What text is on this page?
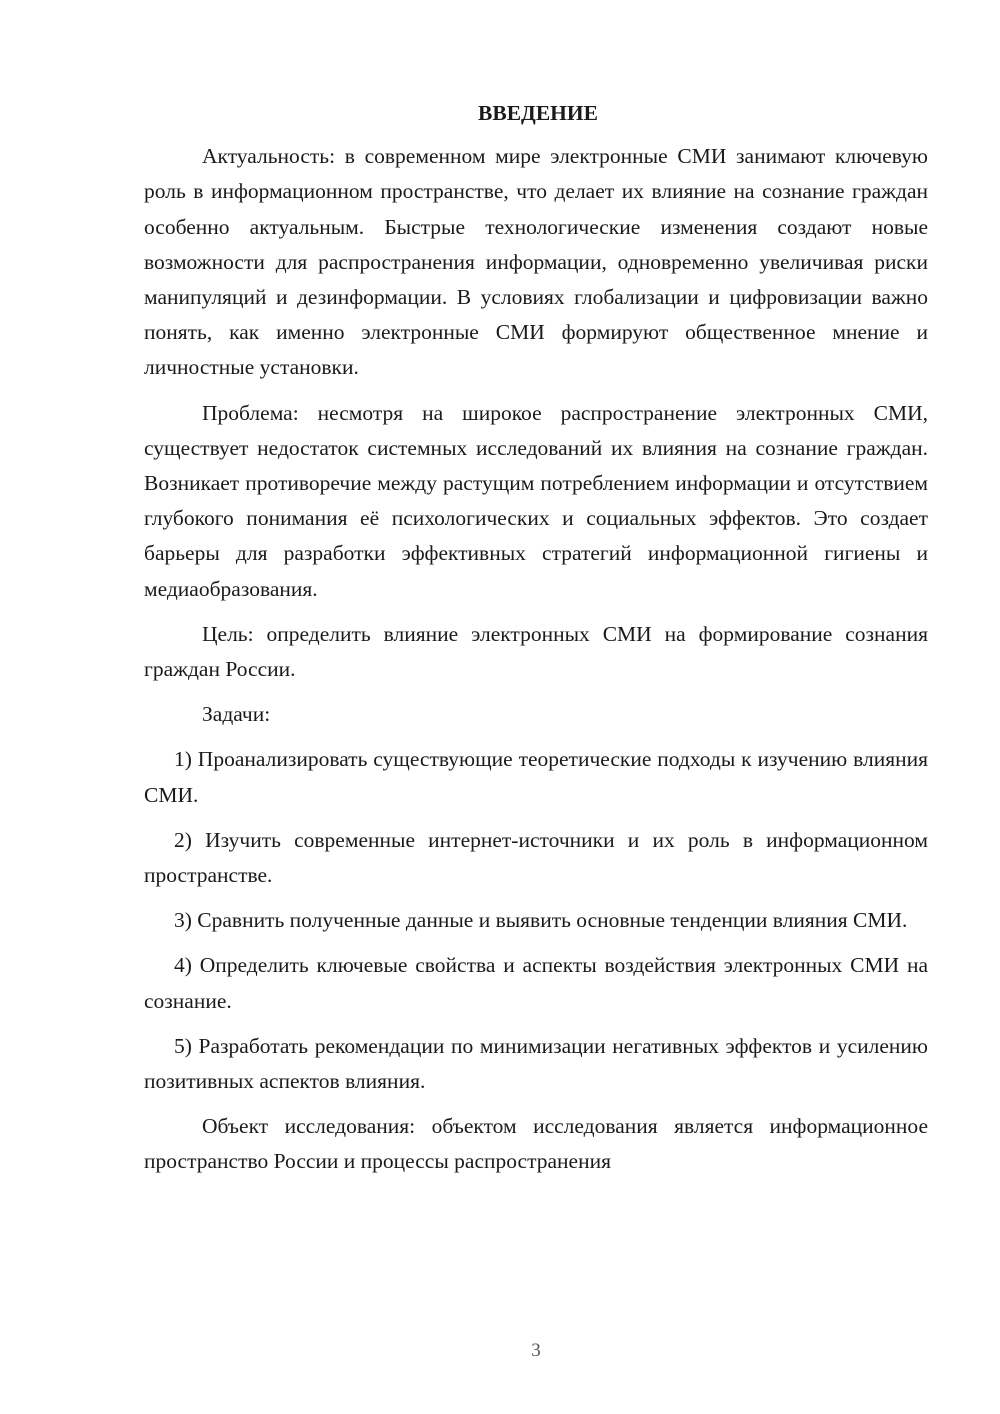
ВВЕДЕНИЕ

Актуальность: в современном мире электронные СМИ занимают ключевую роль в информационном пространстве, что делает их влияние на сознание граждан особенно актуальным. Быстрые технологические изменения создают новые возможности для распространения информации, одновременно увеличивая риски манипуляций и дезинформации. В условиях глобализации и цифровизации важно понять, как именно электронные СМИ формируют общественное мнение и личностные установки.

Проблема: несмотря на широкое распространение электронных СМИ, существует недостаток системных исследований их влияния на сознание граждан. Возникает противоречие между растущим потреблением информации и отсутствием глубокого понимания её психологических и социальных эффектов. Это создает барьеры для разработки эффективных стратегий информационной гигиены и медиаобразования.

Цель: определить влияние электронных СМИ на формирование сознания граждан России.

Задачи:

1) Проанализировать существующие теоретические подходы к изучению влияния СМИ.

2) Изучить современные интернет-источники и их роль в информационном пространстве.

3) Сравнить полученные данные и выявить основные тенденции влияния СМИ.

4) Определить ключевые свойства и аспекты воздействия электронных СМИ на сознание.

5) Разработать рекомендации по минимизации негативных эффектов и усилению позитивных аспектов влияния.

Объект исследования: объектом исследования является информационное пространство России и процессы распространения

3
